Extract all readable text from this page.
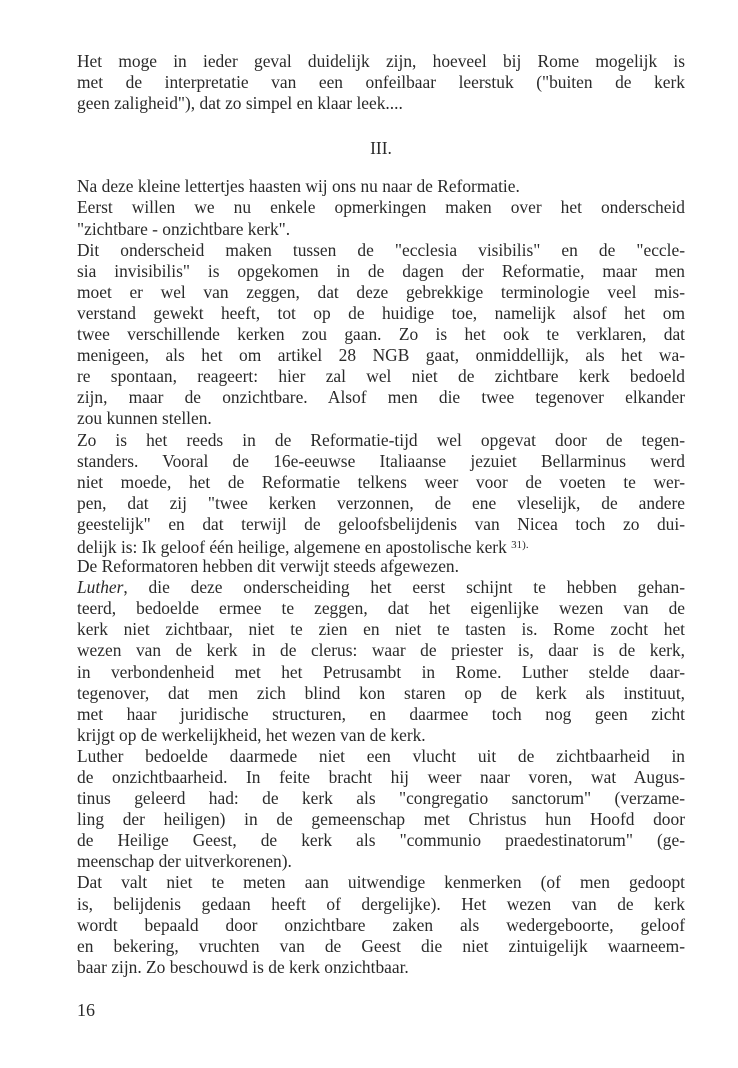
Het moge in ieder geval duidelijk zijn, hoeveel bij Rome mogelijk is
met de interpretatie van een onfeilbaar leerstuk ("buiten de kerk
geen zaligheid"), dat zo simpel en klaar leek....
III.
Na deze kleine lettertjes haasten wij ons nu naar de Reformatie.
Eerst willen we nu enkele opmerkingen maken over het onderscheid
"zichtbare - onzichtbare kerk".
Dit onderscheid maken tussen de "ecclesia visibilis" en de "eccle-
sia invisibilis" is opgekomen in de dagen der Reformatie, maar men
moet er wel van zeggen, dat deze gebrekkige terminologie veel mis-
verstand gewekt heeft, tot op de huidige toe, namelijk alsof het om
twee verschillende kerken zou gaan. Zo is het ook te verklaren, dat
menigeen, als het om artikel 28 NGB gaat, onmiddellijk, als het wa-
re spontaan, reageert: hier zal wel niet de zichtbare kerk bedoeld
zijn, maar de onzichtbare. Alsof men die twee tegenover elkander
zou kunnen stellen.
Zo is het reeds in de Reformatie-tijd wel opgevat door de tegen-
standers. Vooral de 16e-eeuwse Italiaanse jezuiet Bellarminus werd
niet moede, het de Reformatie telkens weer voor de voeten te wer-
pen, dat zij "twee kerken verzonnen, de ene vleselijk, de andere
geestelijk" en dat terwijl de geloofsbelijdenis van Nicea toch zo dui-
delijk is: Ik geloof één heilige, algemene en apostolische kerk $^{31).}$
De Reformatoren hebben dit verwijt steeds afgewezen.
Luther, die deze onderscheiding het eerst schijnt te hebben gehan-
teerd, bedoelde ermee te zeggen, dat het eigenlijke wezen van de
kerk niet zichtbaar, niet te zien en niet te tasten is. Rome zocht het
wezen van de kerk in de clerus: waar de priester is, daar is de kerk,
in verbondenheid met het Petrusambt in Rome. Luther stelde daar-
tegenover, dat men zich blind kon staren op de kerk als instituut,
met haar juridische structuren, en daarmee toch nog geen zicht
krijgt op de werkelijkheid, het wezen van de kerk.
Luther bedoelde daarmede niet een vlucht uit de zichtbaarheid in
de onzichtbaarheid. In feite bracht hij weer naar voren, wat Augus-
tinus geleerd had: de kerk als "congregatio sanctorum" (verzame-
ling der heiligen) in de gemeenschap met Christus hun Hoofd door
de Heilige Geest, de kerk als "communio praedestinatorum" (ge-
meenschap der uitverkorenen).
Dat valt niet te meten aan uitwendige kenmerken (of men gedoopt
is, belijdenis gedaan heeft of dergelijke). Het wezen van de kerk
wordt bepaald door onzichtbare zaken als wedergeboorte, geloof
en bekering, vruchten van de Geest die niet zintuigelijk waarneem-
baar zijn. Zo beschouwd is de kerk onzichtbaar.
16
